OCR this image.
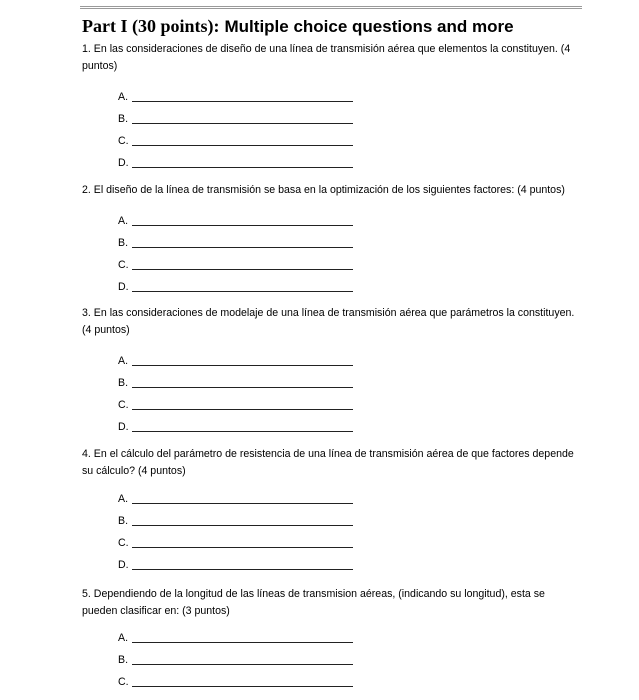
Part I (30 points): Multiple choice questions and more
1. En las consideraciones de diseño de una línea de transmisión aérea que elementos la constituyen. (4 puntos)
A.
B.
C.
D.
2. El diseño de la línea de transmisión se basa en la optimización de los siguientes factores: (4 puntos)
A.
B.
C.
D.
3. En las consideraciones de modelaje de una línea de transmisión aérea que parámetros la constituyen. (4 puntos)
A.
B.
C.
D.
4. En el cálculo del parámetro de resistencia de una línea de transmisión aérea de que factores depende su cálculo? (4 puntos)
A.
B.
C.
D.
5. Dependiendo de la longitud de las líneas de transmision aéreas, (indicando su longitud), esta se pueden clasificar en: (3 puntos)
A.
B.
C.
